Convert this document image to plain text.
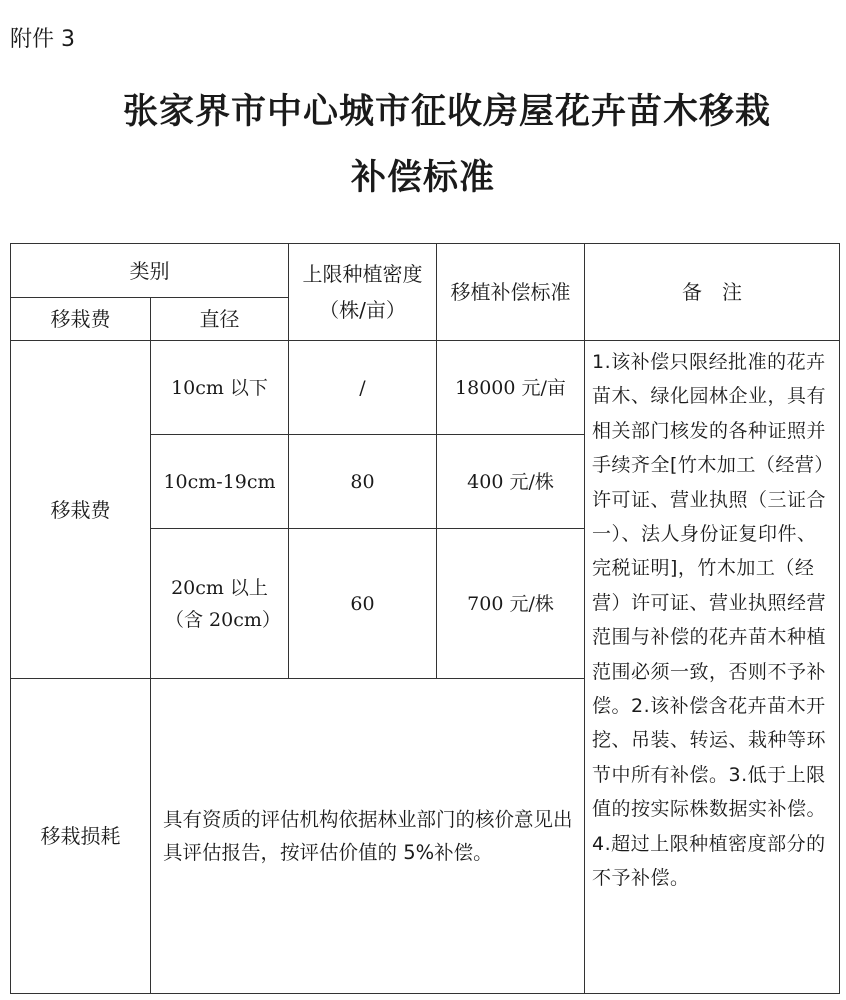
附件 3
张家界市中心城市征收房屋花卉苗木移栽
补偿标准
类别		上限种植密度（株/亩）	移植补偿标准	备　注
移栽费	直径			
移栽费	10cm 以下	/	18000 元/亩	1.该补偿只限经批准的花卉苗木、绿化园林企业，具有相关部门核发的各种证照并手续齐全[竹木加工（经营）许可证、营业执照（三证合一）、法人身份证复印件、完税证明]，竹木加工（经营）许可证、营业执照经营范围与补偿的花卉苗木种植范围必须一致，否则不予补偿。2.该补偿含花卉苗木开挖、吊装、转运、栽种等环节中所有补偿。3.低于上限值的按实际株数据实补偿。4.超过上限种植密度部分的不予补偿。
	10cm-19cm	80	400 元/株	
	20cm 以上（含 20cm）	60	700 元/株	
移栽损耗	具有资质的评估机构依据林业部门的核价意见出具评估报告，按评估价值的 5%补偿。			
